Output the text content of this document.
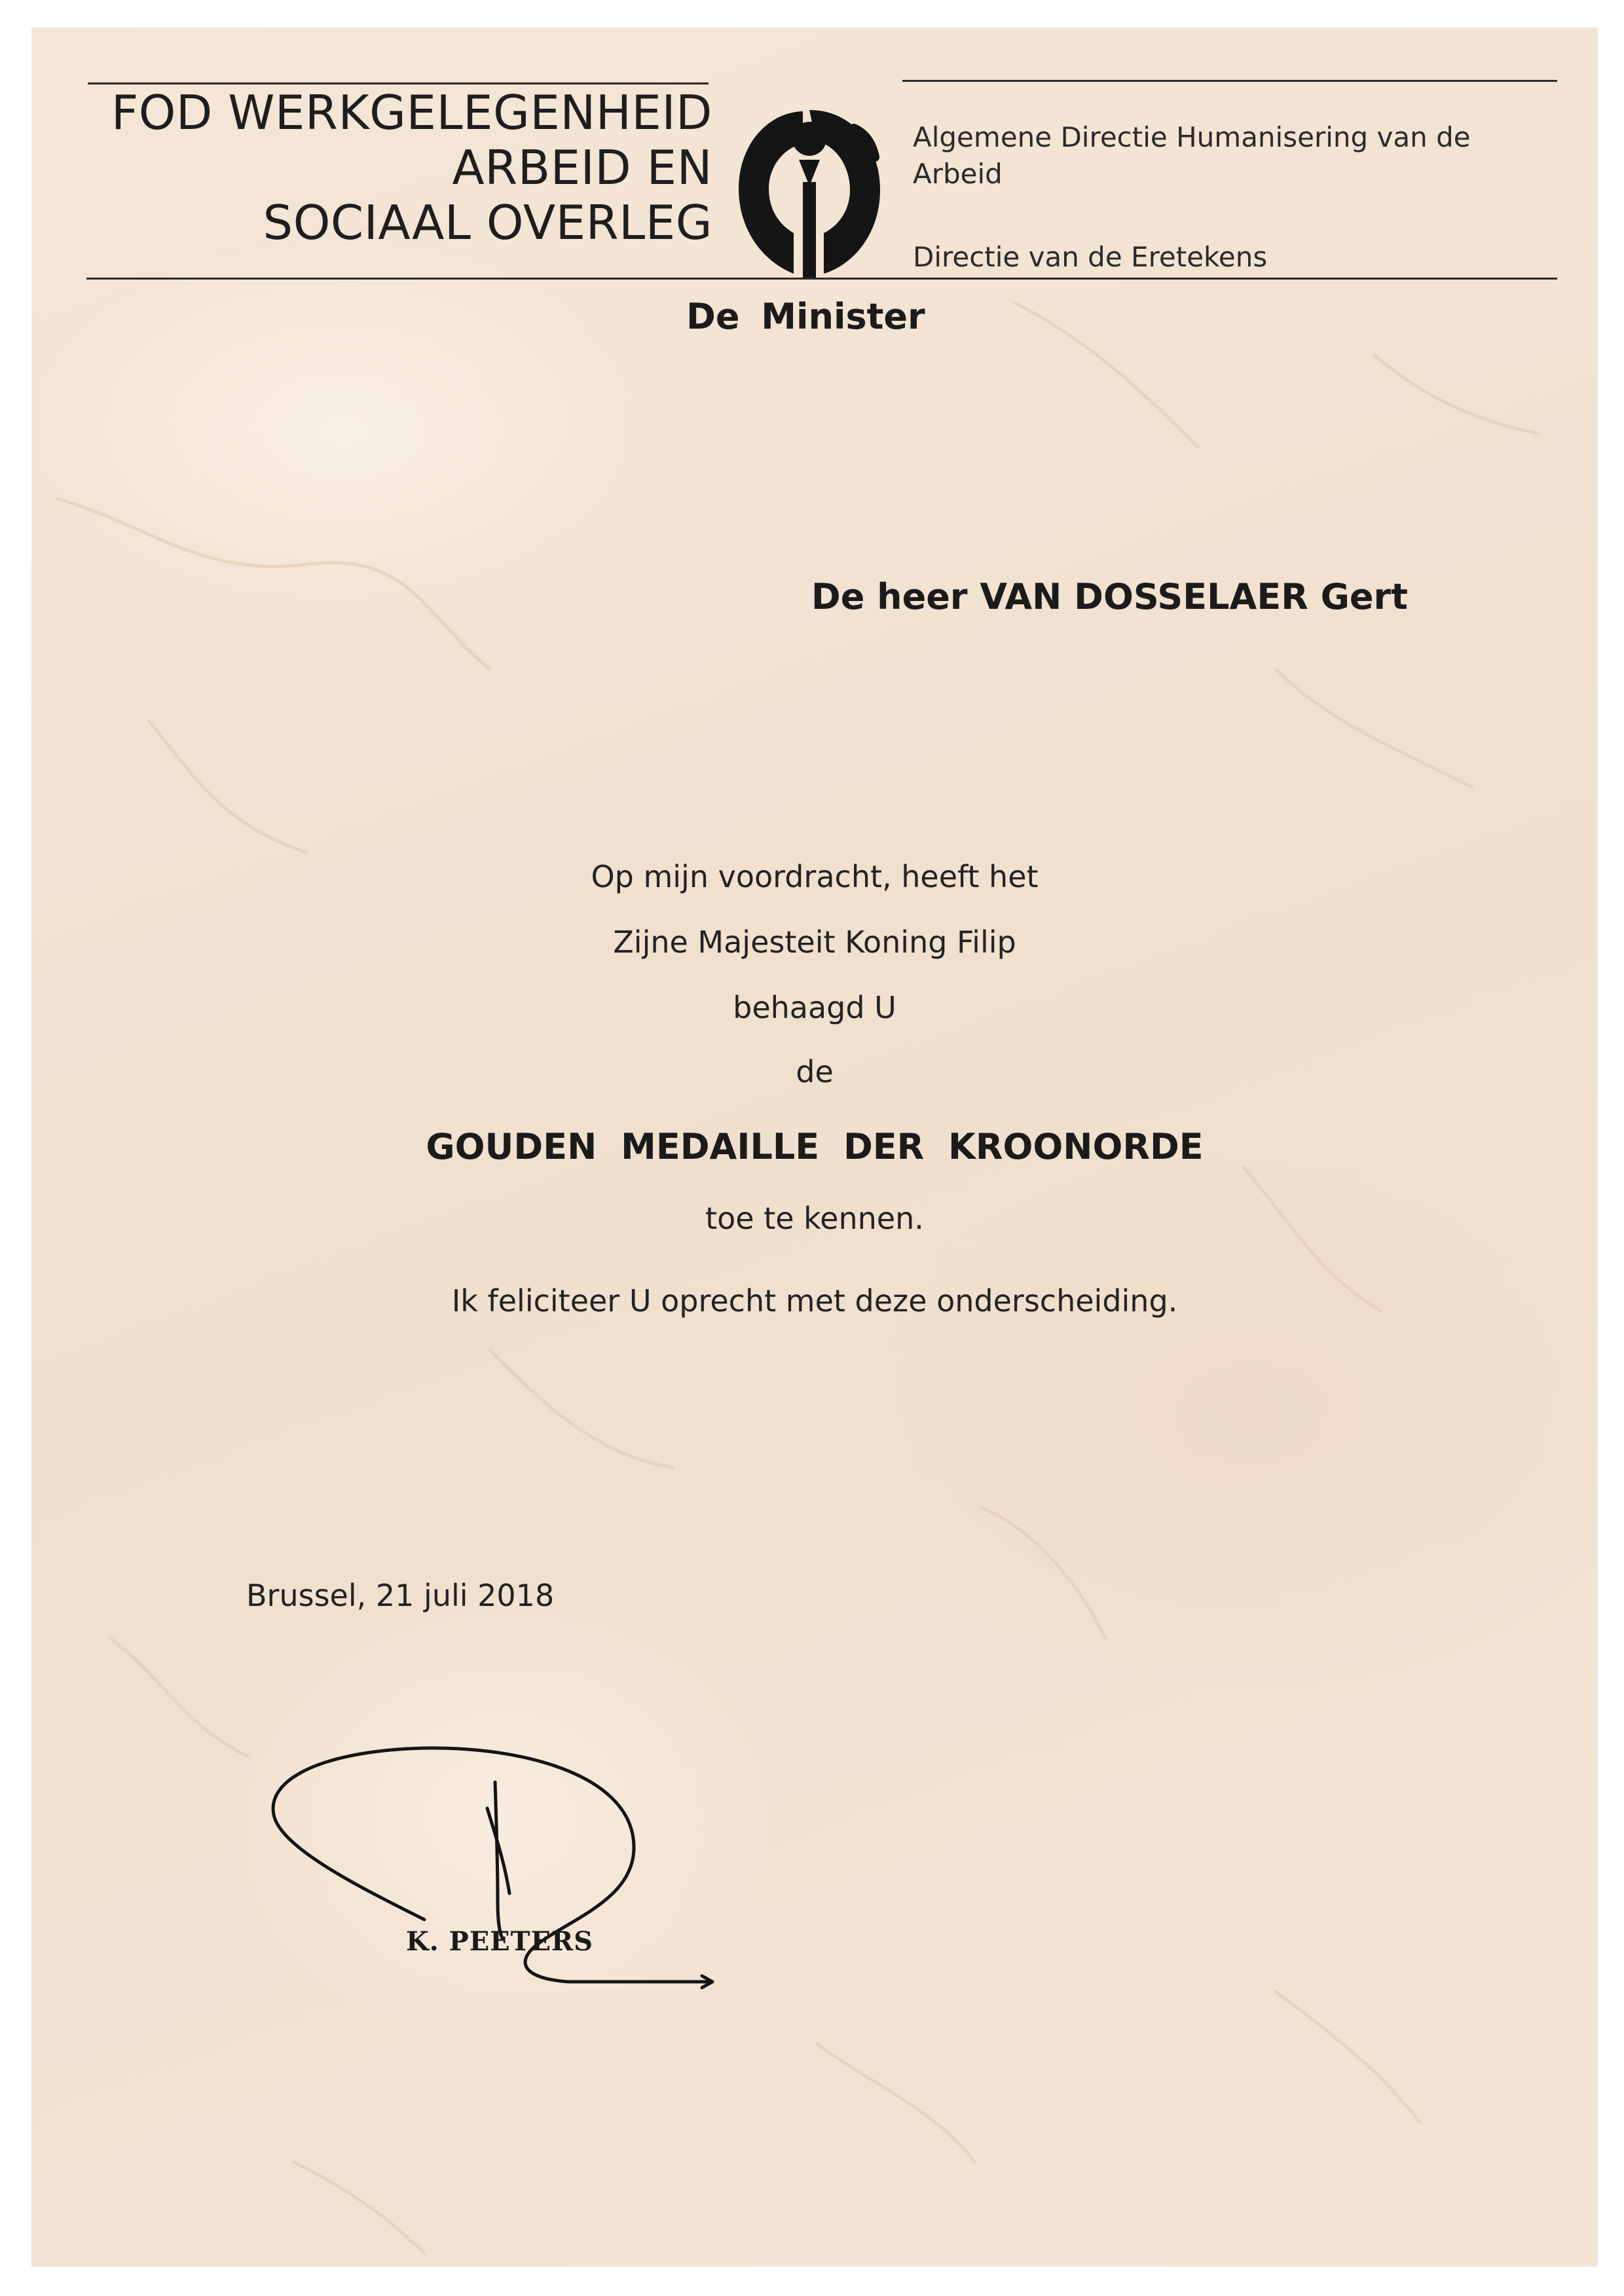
FOD WERKGELEGENHEID
ARBEID EN
SOCIAAL OVERLEG
Algemene Directie Humanisering van de Arbeid
Directie van de Eretekens
De Minister
De heer VAN DOSSELAER Gert
Op mijn voordracht, heeft het
Zijne Majesteit Koning Filip
behaagd U
de
GOUDEN MEDAILLE DER KROONORDE
toe te kennen.
Ik feliciteer U oprecht met deze onderscheiding.
Brussel, 21 juli 2018
K. PEETERS
